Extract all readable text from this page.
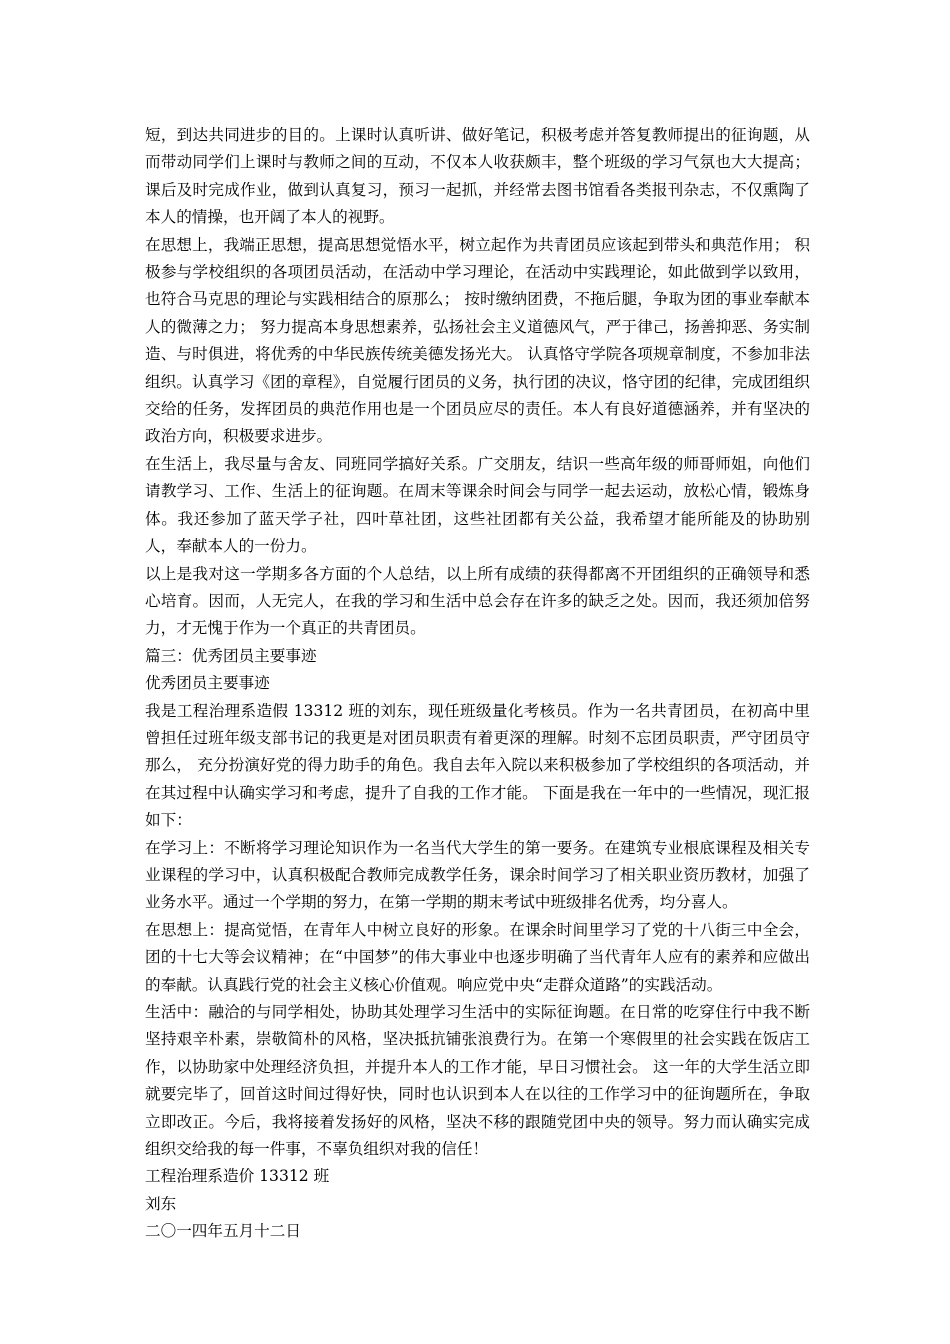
短，到达共同进步的目的。上课时认真听讲、做好笔记，积极考虑并答复教师提出的征询题，从而带动同学们上课时与教师之间的互动，不仅本人收获颇丰，整个班级的学习气氛也大大提高；课后及时完成作业，做到认真复习，预习一起抓，并经常去图书馆看各类报刊杂志，不仅熏陶了本人的情操，也开阔了本人的视野。

在思想上，我端正思想，提高思想觉悟水平，树立起作为共青团员应该起到带头和典范作用； 积极参与学校组织的各项团员活动，在活动中学习理论，在活动中实践理论，如此做到学以致用，也符合马克思的理论与实践相结合的原那么； 按时缴纳团费，不拖后腿，争取为团的事业奉献本人的微薄之力； 努力提高本身思想素养，弘扬社会主义道德风气，严于律己，扬善抑恶、务实制造、与时俱进，将优秀的中华民族传统美德发扬光大。 认真恪守学院各项规章制度，不参加非法组织。认真学习《团的章程》，自觉履行团员的义务，执行团的决议，恪守团的纪律，完成团组织交给的任务，发挥团员的典范作用也是一个团员应尽的责任。本人有良好道德涵养，并有坚决的政治方向，积极要求进步。

在生活上，我尽量与舍友、同班同学搞好关系。广交朋友，结识一些高年级的师哥师姐，向他们请教学习、工作、生活上的征询题。在周末等课余时间会与同学一起去运动，放松心情，锻炼身体。我还参加了蓝天学子社，四叶草社团，这些社团都有关公益，我希望才能所能及的协助别人，奉献本人的一份力。

以上是我对这一学期多各方面的个人总结，以上所有成绩的获得都离不开团组织的正确领导和悉心培育。因而，人无完人，在我的学习和生活中总会存在许多的缺乏之处。因而，我还须加倍努力，才无愧于作为一个真正的共青团员。

篇三：优秀团员主要事迹

优秀团员主要事迹

我是工程治理系造假 13312 班的刘东，现任班级量化考核员。作为一名共青团员，在初高中里曾担任过班年级支部书记的我更是对团员职责有着更深的理解。时刻不忘团员职责，严守团员守那么， 充分扮演好党的得力助手的角色。我自去年入院以来积极参加了学校组织的各项活动，并在其过程中认确实学习和考虑，提升了自我的工作才能。 下面是我在一年中的一些情况，现汇报如下：

在学习上：不断将学习理论知识作为一名当代大学生的第一要务。在建筑专业根底课程及相关专业课程的学习中，认真积极配合教师完成教学任务，课余时间学习了相关职业资历教材，加强了业务水平。通过一个学期的努力，在第一学期的期末考试中班级排名优秀，均分喜人。

在思想上：提高觉悟，在青年人中树立良好的形象。在课余时间里学习了党的十八街三中全会，团的十七大等会议精神；在“中国梦”的伟大事业中也逐步明确了当代青年人应有的素养和应做出的奉献。认真践行党的社会主义核心价值观。响应党中央“走群众道路”的实践活动。

生活中：融洽的与同学相处，协助其处理学习生活中的实际征询题。在日常的吃穿住行中我不断坚持艰辛朴素，崇敬简朴的风格，坚决抵抗铺张浪费行为。在第一个寒假里的社会实践在饭店工作，以协助家中处理经济负担，并提升本人的工作才能，早日习惯社会。 这一年的大学生活立即就要完毕了，回首这时间过得好快，同时也认识到本人在以往的工作学习中的征询题所在，争取立即改正。今后，我将接着发扬好的风格，坚决不移的跟随党团中央的领导。努力而认确实完成组织交给我的每一件事，不辜负组织对我的信任！

工程治理系造价 13312 班

刘东

二〇一四年五月十二日
